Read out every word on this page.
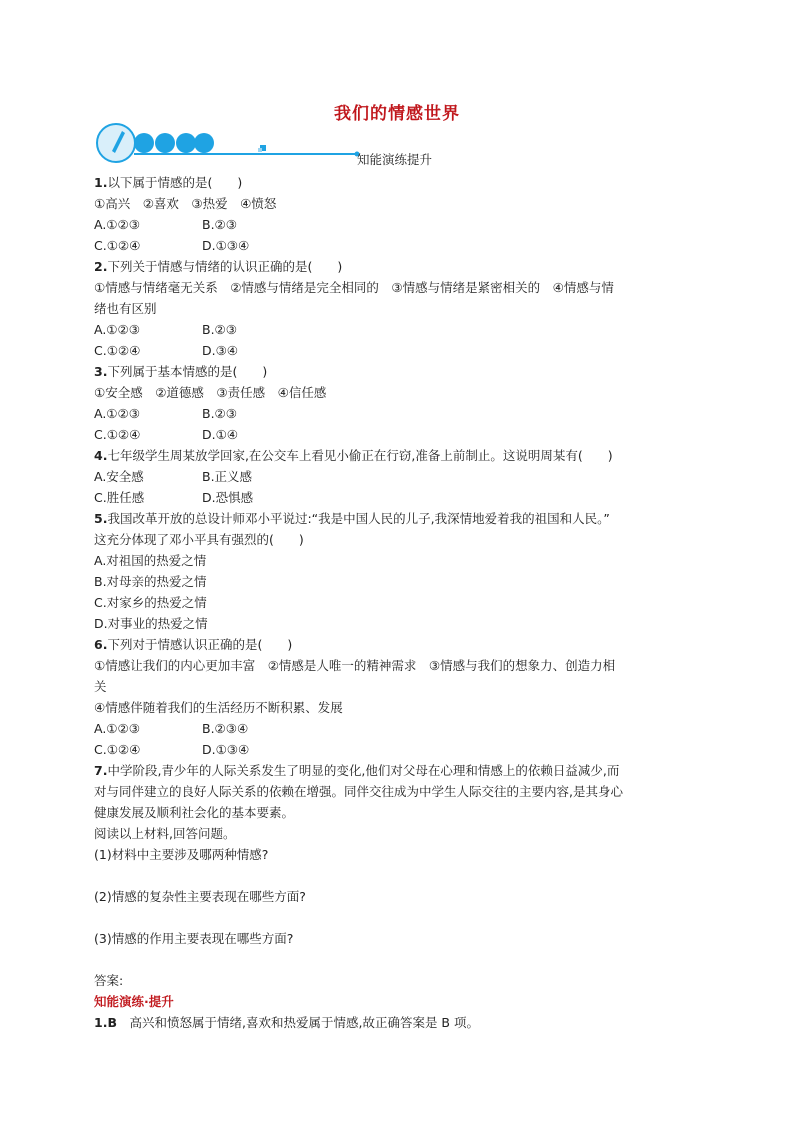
我们的情感世界
知能演练提升
1.以下属于情感的是(　　)
①高兴　②喜欢　③热爱　④愤怒
A.①②③	B.②③
C.①②④	D.①③④
2.下列关于情感与情绪的认识正确的是(　　)
①情感与情绪毫无关系　②情感与情绪是完全相同的　③情感与情绪是紧密相关的　④情感与情
绪也有区别
A.①②③	B.②③
C.①②④	D.③④
3.下列属于基本情感的是(　　)
①安全感　②道德感　③责任感　④信任感
A.①②③	B.②③
C.①②④	D.①④
4.七年级学生周某放学回家,在公交车上看见小偷正在行窃,准备上前制止。这说明周某有(　　)
A.安全感	B.正义感
C.胜任感	D.恐惧感
5.我国改革开放的总设计师邓小平说过:“我是中国人民的儿子,我深情地爱着我的祖国和人民。”
这充分体现了邓小平具有强烈的(　　)
A.对祖国的热爱之情
B.对母亲的热爱之情
C.对家乡的热爱之情
D.对事业的热爱之情
6.下列对于情感认识正确的是(　　)
①情感让我们的内心更加丰富　②情感是人唯一的精神需求　③情感与我们的想象力、创造力相
关
④情感伴随着我们的生活经历不断积累、发展
A.①②③	B.②③④
C.①②④	D.①③④
7.中学阶段,青少年的人际关系发生了明显的变化,他们对父母在心理和情感上的依赖日益减少,而
对与同伴建立的良好人际关系的依赖在增强。同伴交往成为中学生人际交往的主要内容,是其身心
健康发展及顺利社会化的基本要素。
阅读以上材料,回答问题。
(1)材料中主要涉及哪两种情感?
(2)情感的复杂性主要表现在哪些方面?
(3)情感的作用主要表现在哪些方面?
答案:
知能演练·提升
1.B　 高兴和愤怒属于情绪,喜欢和热爱属于情感,故正确答案是 B 项。
